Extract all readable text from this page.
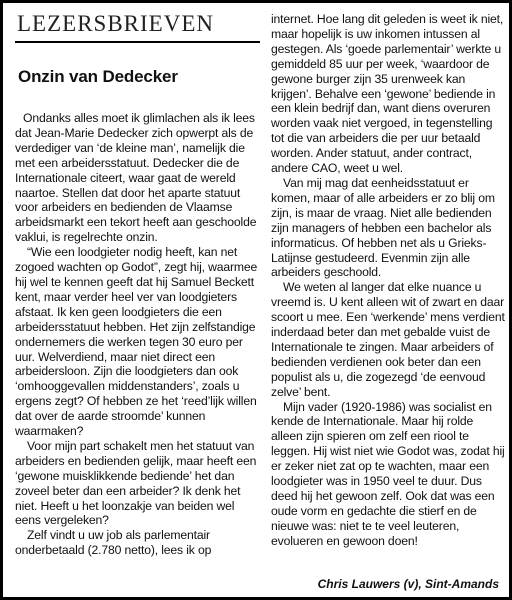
LEZERSBRIEVEN
Onzin van Dedecker

Ondanks alles moet ik glimlachen als ik lees dat Jean-Marie Dedecker zich opwerpt als de verdediger van ‘de kleine man’, namelijk die met een arbeidersstatuut. Dedecker die de Internationale citeert, waar gaat de wereld naartoe. Stellen dat door het aparte statuut voor arbeiders en bedienden de Vlaamse arbeidsmarkt een tekort heeft aan geschoolde vaklui, is regelrechte onzin.

“Wie een loodgieter nodig heeft, kan net zogoed wachten op Godot”, zegt hij, waarmee hij wel te kennen geeft dat hij Samuel Beckett kent, maar verder heel ver van loodgieters afstaat. Ik ken geen loodgieters die een arbeidersstatuut hebben. Het zijn zelfstandige ondernemers die werken tegen 30 euro per uur. Welverdiend, maar niet direct een arbeidersloon. Zijn die loodgieters dan ook ‘omhooggevallen middenstanders’, zoals u ergens zegt? Of hebben ze het ‘reed’lijk willen dat over de aarde stroomde’ kunnen waarmaken?

Voor mijn part schakelt men het statuut van arbeiders en bedienden gelijk, maar heeft een ‘gewone muisklikkende bediende’ het dan zoveel beter dan een arbeider? Ik denk het niet. Heeft u het loonzakje van beiden wel eens vergeleken?

Zelf vindt u uw job als parlementair onderbetaald (2.780 netto), lees ik op

internet. Hoe lang dit geleden is weet ik niet, maar hopelijk is uw inkomen intussen al gestegen. Als ‘goede parlementair’ werkte u gemiddeld 85 uur per week, ‘waardoor de gewone burger zijn 35 urenweek kan krijgen’. Behalve een ‘gewone’ bediende in een klein bedrijf dan, want diens overuren worden vaak niet vergoed, in tegenstelling tot die van arbeiders die per uur betaald worden. Ander statuut, ander contract, andere CAO, weet u wel.

Van mij mag dat eenheidsstatuut er komen, maar of alle arbeiders er zo blij om zijn, is maar de vraag. Niet alle bedienden zijn managers of hebben een bachelor als informaticus. Of hebben net als u Grieks-Latijnse gestudeerd. Evenmin zijn alle arbeiders geschoold.

We weten al langer dat elke nuance u vreemd is. U kent alleen wit of zwart en daar scoort u mee. Een ‘werkende’ mens verdient inderdaad beter dan met gebalde vuist de Internationale te zingen. Maar arbeiders of bedienden verdienen ook beter dan een populist als u, die zogezegd ‘de eenvoud zelve’ bent.

Mijn vader (1920-1986) was socialist en kende de Internationale. Maar hij rolde alleen zijn spieren om zelf een riool te leggen. Hij wist niet wie Godot was, zodat hij er zeker niet zat op te wachten, maar een loodgieter was in 1950 veel te duur. Dus deed hij het gewoon zelf. Ook dat was een oude vorm en gedachte die stierf en de nieuwe was: niet te te veel leuteren, evolueren en gewoon doen!

Chris Lauwers (v), Sint-Amands
